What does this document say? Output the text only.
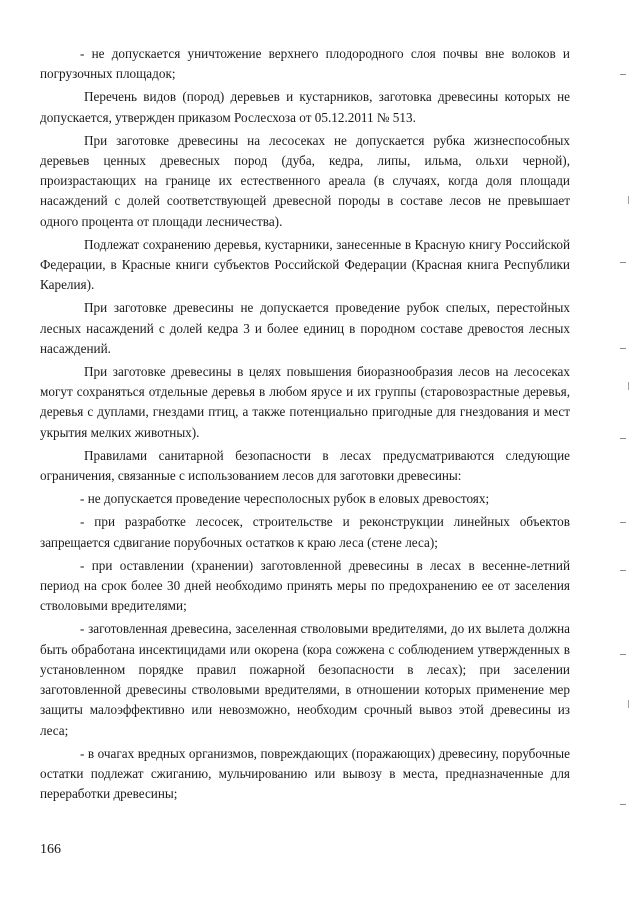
- не допускается уничтожение верхнего плодородного слоя почвы вне волоков и погрузочных площадок;

Перечень видов (пород) деревьев и кустарников, заготовка древесины которых не допускается, утвержден приказом Рослесхоза от 05.12.2011 № 513.

При заготовке древесины на лесосеках не допускается рубка жизнеспособных деревьев ценных древесных пород (дуба, кедра, липы, ильма, ольхи черной), произрастающих на границе их естественного ареала (в случаях, когда доля площади насаждений с долей соответствующей древесной породы в составе лесов не превышает одного процента от площади лесничества).

Подлежат сохранению деревья, кустарники, занесенные в Красную книгу Российской Федерации, в Красные книги субъектов Российской Федерации (Красная книга Республики Карелия).

При заготовке древесины не допускается проведение рубок спелых, перестойных лесных насаждений с долей кедра 3 и более единиц в породном составе древостоя лесных насаждений.

При заготовке древесины в целях повышения биоразнообразия лесов на лесосеках могут сохраняться отдельные деревья в любом ярусе и их группы (старовозрастные деревья, деревья с дуплами, гнездами птиц, а также потенциально пригодные для гнездования и мест укрытия мелких животных).

Правилами санитарной безопасности в лесах предусматриваются следующие ограничения, связанные с использованием лесов для заготовки древесины:

- не допускается проведение чересполосных рубок в еловых древостоях;

- при разработке лесосек, строительстве и реконструкции линейных объектов запрещается сдвигание порубочных остатков к краю леса (стене леса);

- при оставлении (хранении) заготовленной древесины в лесах в весенне-летний период на срок более 30 дней необходимо принять меры по предохранению ее от заселения стволовыми вредителями;

- заготовленная древесина, заселенная стволовыми вредителями, до их вылета должна быть обработана инсектицидами или окорена (кора сожжена с соблюдением утвержденных в установленном порядке правил пожарной безопасности в лесах); при заселении заготовленной древесины стволовыми вредителями, в отношении которых применение мер защиты малоэффективно или невозможно, необходим срочный вывоз этой древесины из леса;

- в очагах вредных организмов, повреждающих (поражающих) древесину, порубочные остатки подлежат сжиганию, мульчированию или вывозу в места, предназначенные для переработки древесины;

166
